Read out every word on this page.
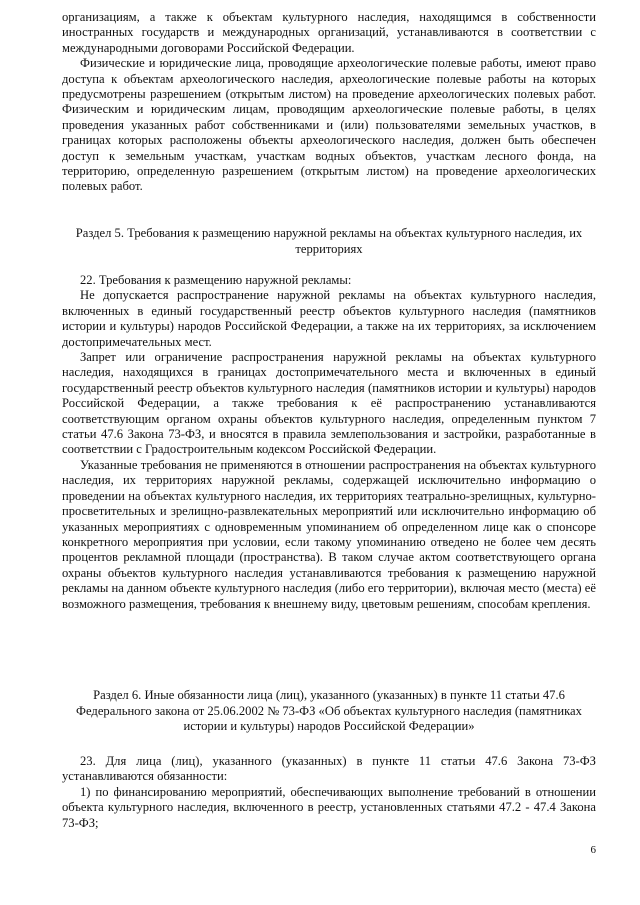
организациям, а также к объектам культурного наследия, находящимся в собственности иностранных государств и международных организаций, устанавливаются в соответствии с международными договорами Российской Федерации.

Физические и юридические лица, проводящие археологические полевые работы, имеют право доступа к объектам археологического наследия, археологические полевые работы на которых предусмотрены разрешением (открытым листом) на проведение археологических полевых работ. Физическим и юридическим лицам, проводящим археологические полевые работы, в целях проведения указанных работ собственниками и (или) пользователями земельных участков, в границах которых расположены объекты археологического наследия, должен быть обеспечен доступ к земельным участкам, участкам водных объектов, участкам лесного фонда, на территорию, определенную разрешением (открытым листом) на проведение археологических полевых работ.

Раздел 5. Требования к размещению наружной рекламы на объектах культурного наследия, их территориях

22. Требования к размещению наружной рекламы:

Не допускается распространение наружной рекламы на объектах культурного наследия, включенных в единый государственный реестр объектов культурного наследия (памятников истории и культуры) народов Российской Федерации, а также на их территориях, за исключением достопримечательных мест.

Запрет или ограничение распространения наружной рекламы на объектах культурного наследия, находящихся в границах достопримечательного места и включенных в единый государственный реестр объектов культурного наследия (памятников истории и культуры) народов Российской Федерации, а также требования к её распространению устанавливаются соответствующим органом охраны объектов культурного наследия, определенным пунктом 7 статьи 47.6 Закона 73-ФЗ, и вносятся в правила землепользования и застройки, разработанные в соответствии с Градостроительным кодексом Российской Федерации.

Указанные требования не применяются в отношении распространения на объектах культурного наследия, их территориях наружной рекламы, содержащей исключительно информацию о проведении на объектах культурного наследия, их территориях театрально-зрелищных, культурно-просветительных и зрелищно-развлекательных мероприятий или исключительно информацию об указанных мероприятиях с одновременным упоминанием об определенном лице как о спонсоре конкретного мероприятия при условии, если такому упоминанию отведено не более чем десять процентов рекламной площади (пространства). В таком случае актом соответствующего органа охраны объектов культурного наследия устанавливаются требования к размещению наружной рекламы на данном объекте культурного наследия (либо его территории), включая место (места) её возможного размещения, требования к внешнему виду, цветовым решениям, способам крепления.

Раздел 6. Иные обязанности лица (лиц), указанного (указанных) в пункте 11 статьи 47.6 Федерального закона от 25.06.2002 № 73-ФЗ «Об объектах культурного наследия (памятниках истории и культуры) народов Российской Федерации»

23. Для лица (лиц), указанного (указанных) в пункте 11 статьи 47.6 Закона 73-ФЗ устанавливаются обязанности:

1) по финансированию мероприятий, обеспечивающих выполнение требований в отношении объекта культурного наследия, включенного в реестр, установленных статьями 47.2 - 47.4 Закона 73-ФЗ;

6
